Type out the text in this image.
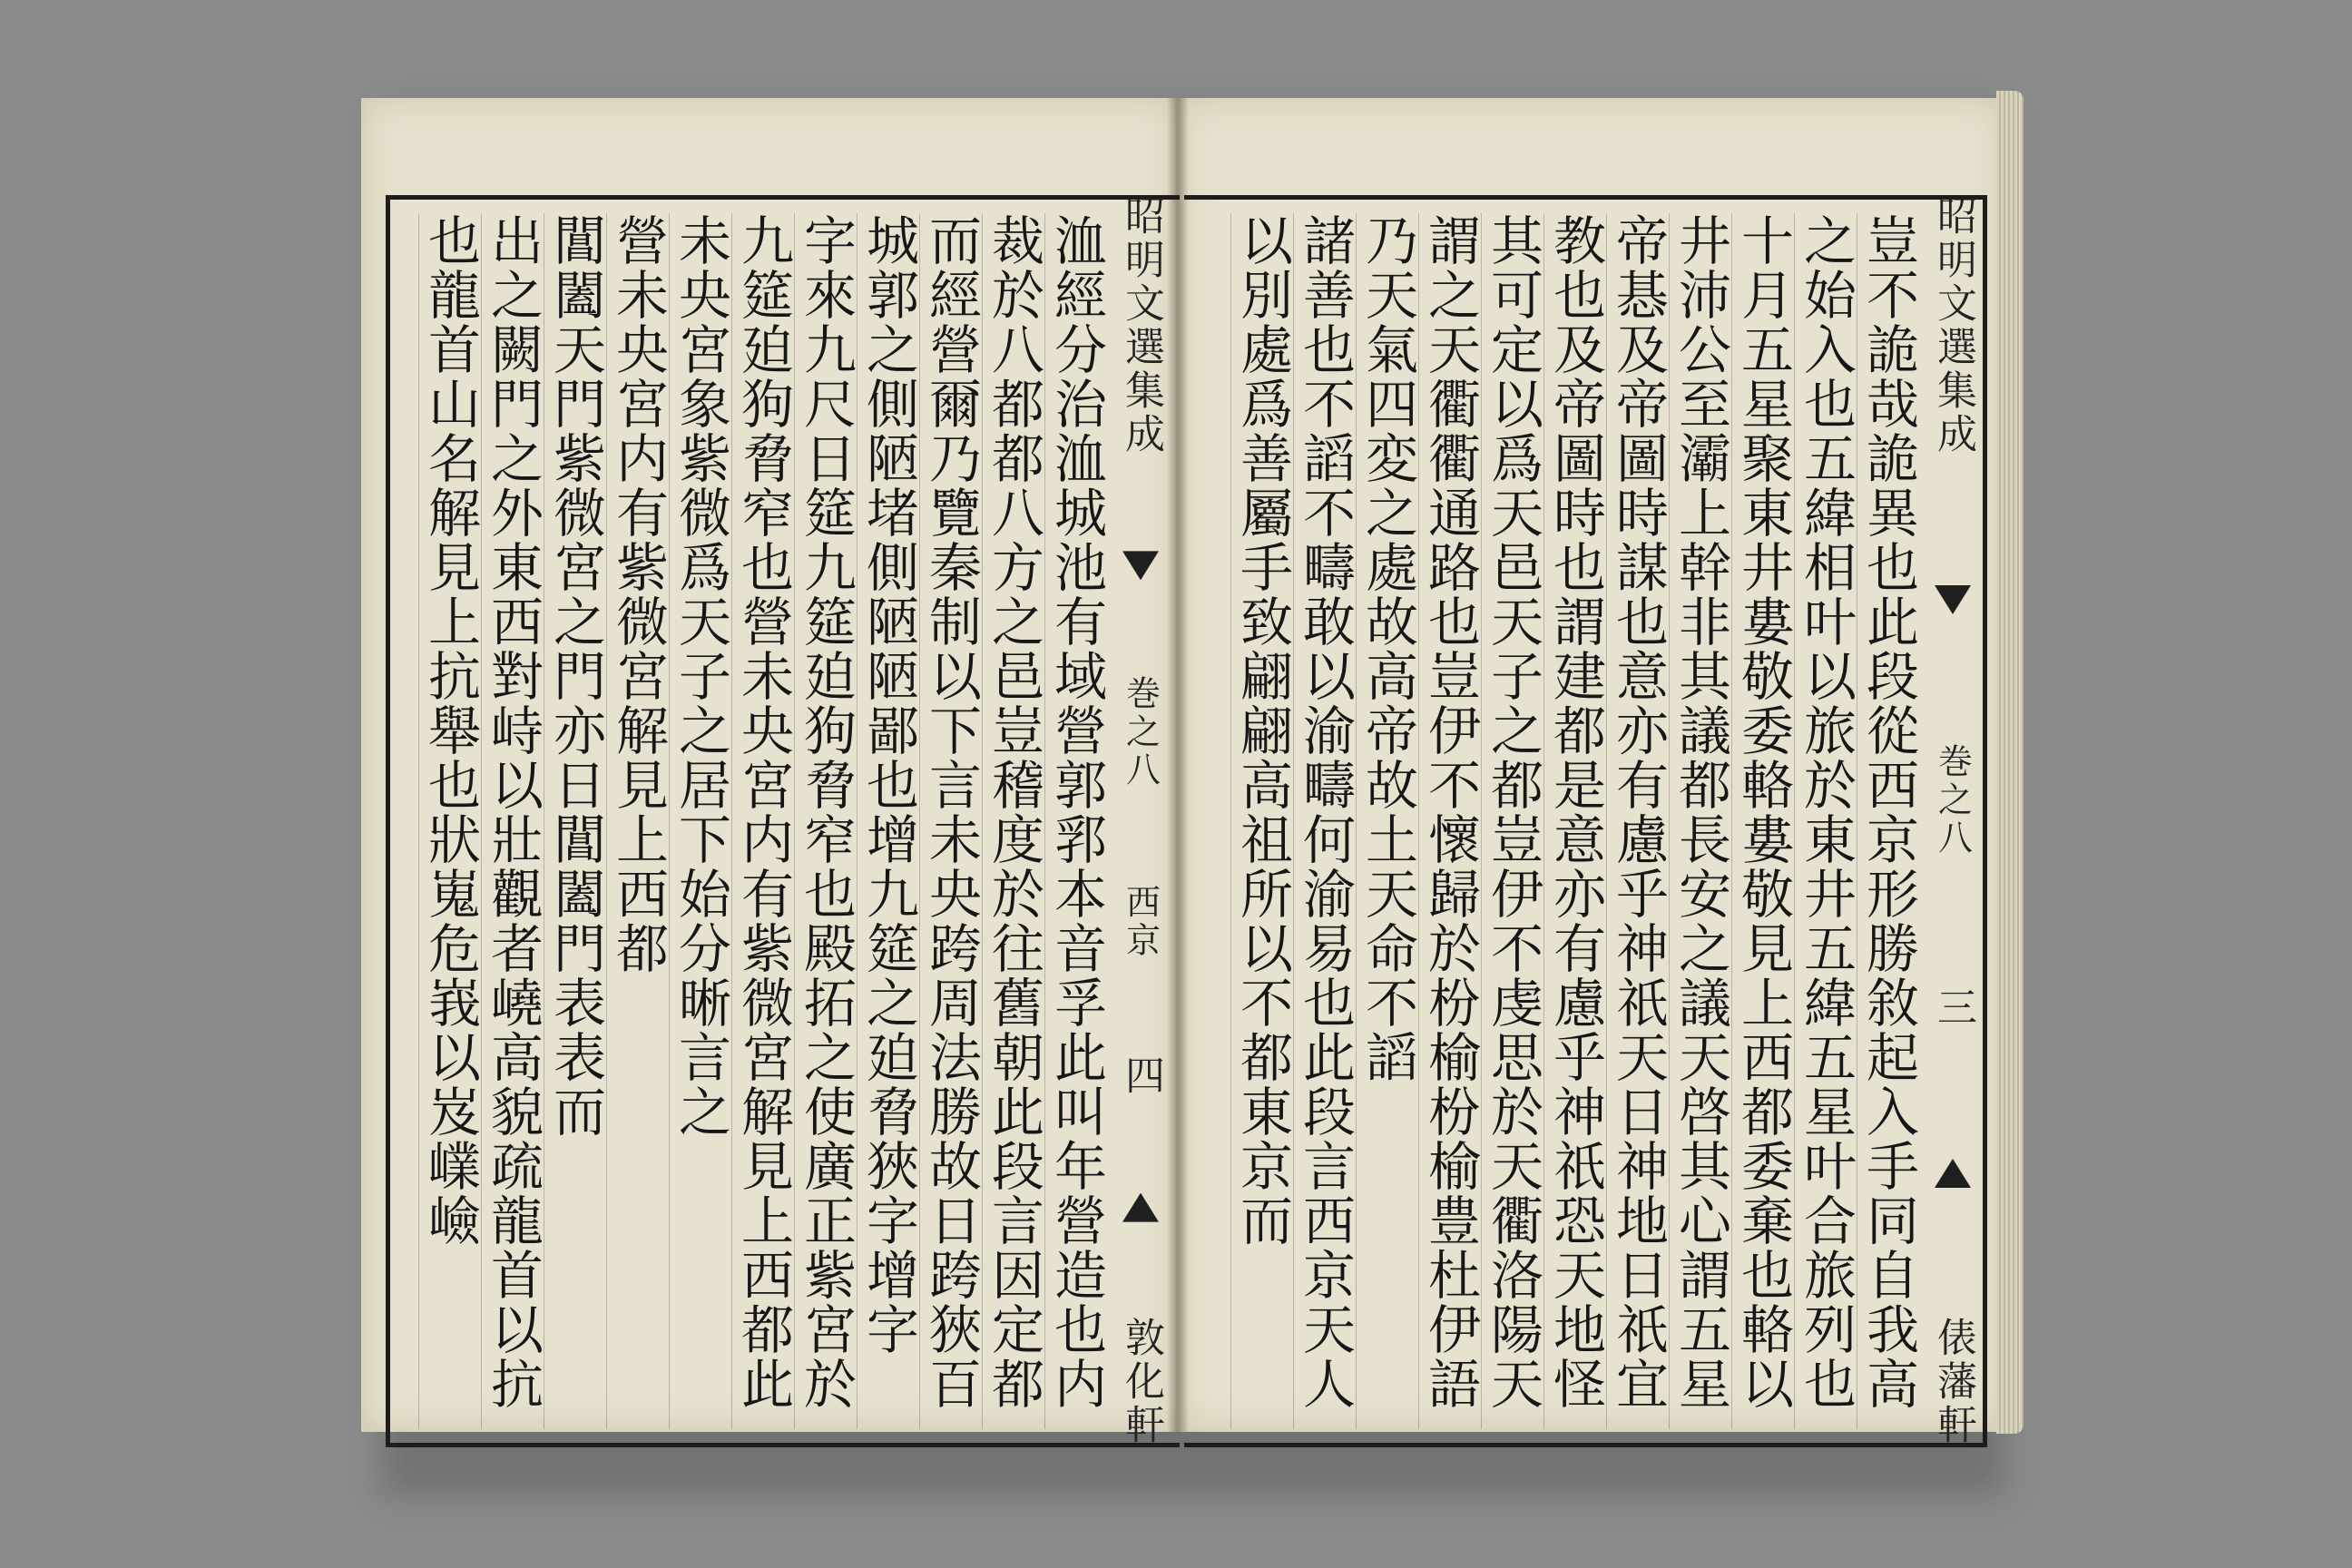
昭明文選集成
巻之八
西京
四
敦化軒
昭明文選集成
巻之八
三
俵藩軒
洫經分治洫城池有域營郭郛本音孚此叫年營造也内
裁於八都都八方之邑豈稽度於往舊朝此段言因定都
而經營爾乃覽秦制以下言未央跨周法勝故日跨狹百
城郭之側陋堵側陋陋鄙也增九筵之廹脅狹字增字
字來九尺日筵九筵廹狗脅窄也殿拓之使廣正紫宮於
九筵廹狗脅窄也營未央宮内有紫微宮解見上西都此
未央宮象紫微爲天子之居下始分晰言之
營未央宮内有紫微宮解見上西都
閶闔天門紫微宮之門亦日閶闔門表表而
出之闕門之外東西對峙以壯觀者嶢高貌疏龍首以抗
也龍首山名解見上抗舉也狀嵬危峩以岌嶫嶮	豈不詭哉詭異也此段從西京形勝敘起入手同自我高
之始入也五緯相叶以旅於東井五緯五星叶合旅列也
十月五星聚東井婁敬委輅婁敬見上西都委棄也輅以
井沛公至灞上幹非其議都長安之議天啓其心謂五星
帝惎及帝圖時謀也意亦有慮乎神祇天日神地日祇宜
教也及帝圖時也謂建都是意亦有慮乎神祇恐天地怪
其可定以爲天邑天子之都豈伊不虔思於天衢洛陽天
謂之天衢衢通路也豈伊不懷歸於枌榆枌榆豊杜伊語
乃天氣四変之處故高帝故土天命不謟
諸善也不謟不疇敢以渝疇何渝易也此段言西京天人
以別處爲善屬手致翩翩高祖所以不都東京而
